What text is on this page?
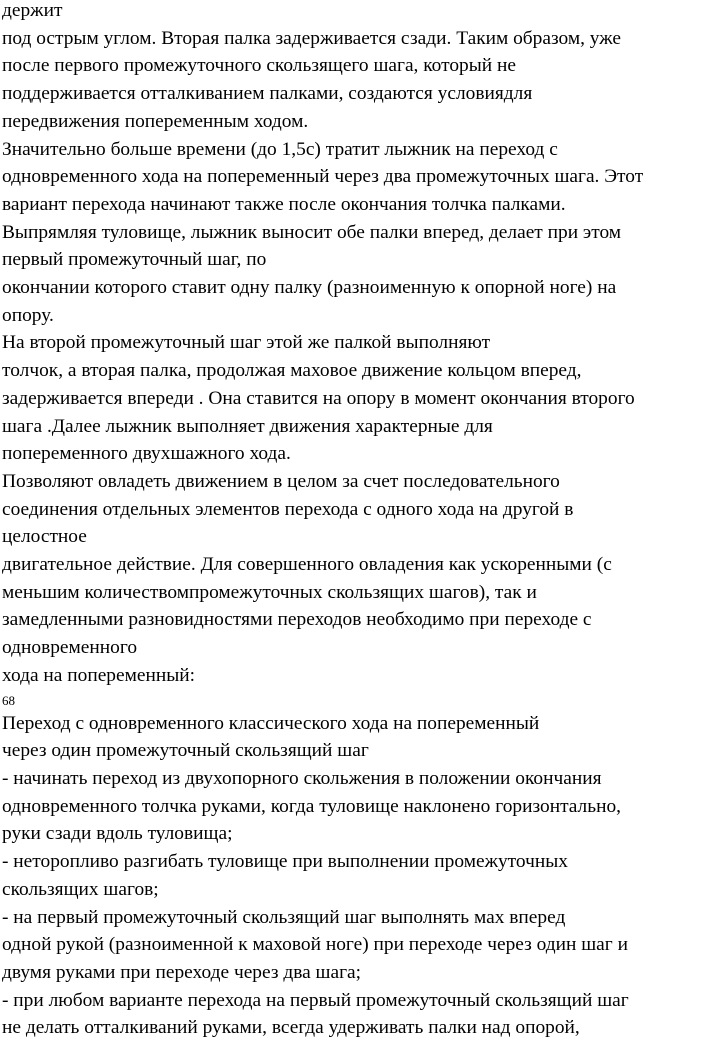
держит
под острым углом. Вторая палка задерживается сзади. Таким образом, уже
после первого промежуточного скользящего шага, который не
поддерживается отталкиванием палками, создаются условиядля
передвижения попеременным ходом.
Значительно больше времени (до 1,5с) тратит лыжник на переход с
одновременного хода на попеременный через два промежуточных шага. Этот
вариант перехода начинают также после окончания толчка палками.
Выпрямляя туловище, лыжник выносит обе палки вперед, делает при этом
первый промежуточный шаг, по
окончании которого ставит одну палку (разноименную к опорной ноге) на
опору.
На второй промежуточный шаг этой же палкой выполняют
толчок, а вторая палка, продолжая маховое движение кольцом вперед,
задерживается впереди . Она ставится на опору в момент окончания второго
шага .Далее лыжник выполняет движения характерные для
попеременного двухшажного хода.
Позволяют овладеть движением в целом за счет последовательного
соединения отдельных элементов перехода с одного хода на другой в
целостное
двигательное действие. Для совершенного овладения как ускоренными (с
меньшим количествомпромежуточных скользящих шагов), так и
замедленными разновидностями переходов необходимо при переходе с
одновременного
хода на попеременный:
68
Переход с одновременного классического хода на попеременный
через один промежуточный скользящий шаг
- начинать переход из двухопорного скольжения в положении окончания
одновременного толчка руками, когда туловище наклонено горизонтально,
руки сзади вдоль туловища;
- неторопливо разгибать туловище при выполнении промежуточных
скользящих шагов;
- на первый промежуточный скользящий шаг выполнять мах вперед
одной рукой (разноименной к маховой ноге) при переходе через один шаг и
двумя руками при переходе через два шага;
- при любом варианте перехода на первый промежуточный скользящий шаг
не делать отталкиваний руками, всегда удерживать палки над опорой,
